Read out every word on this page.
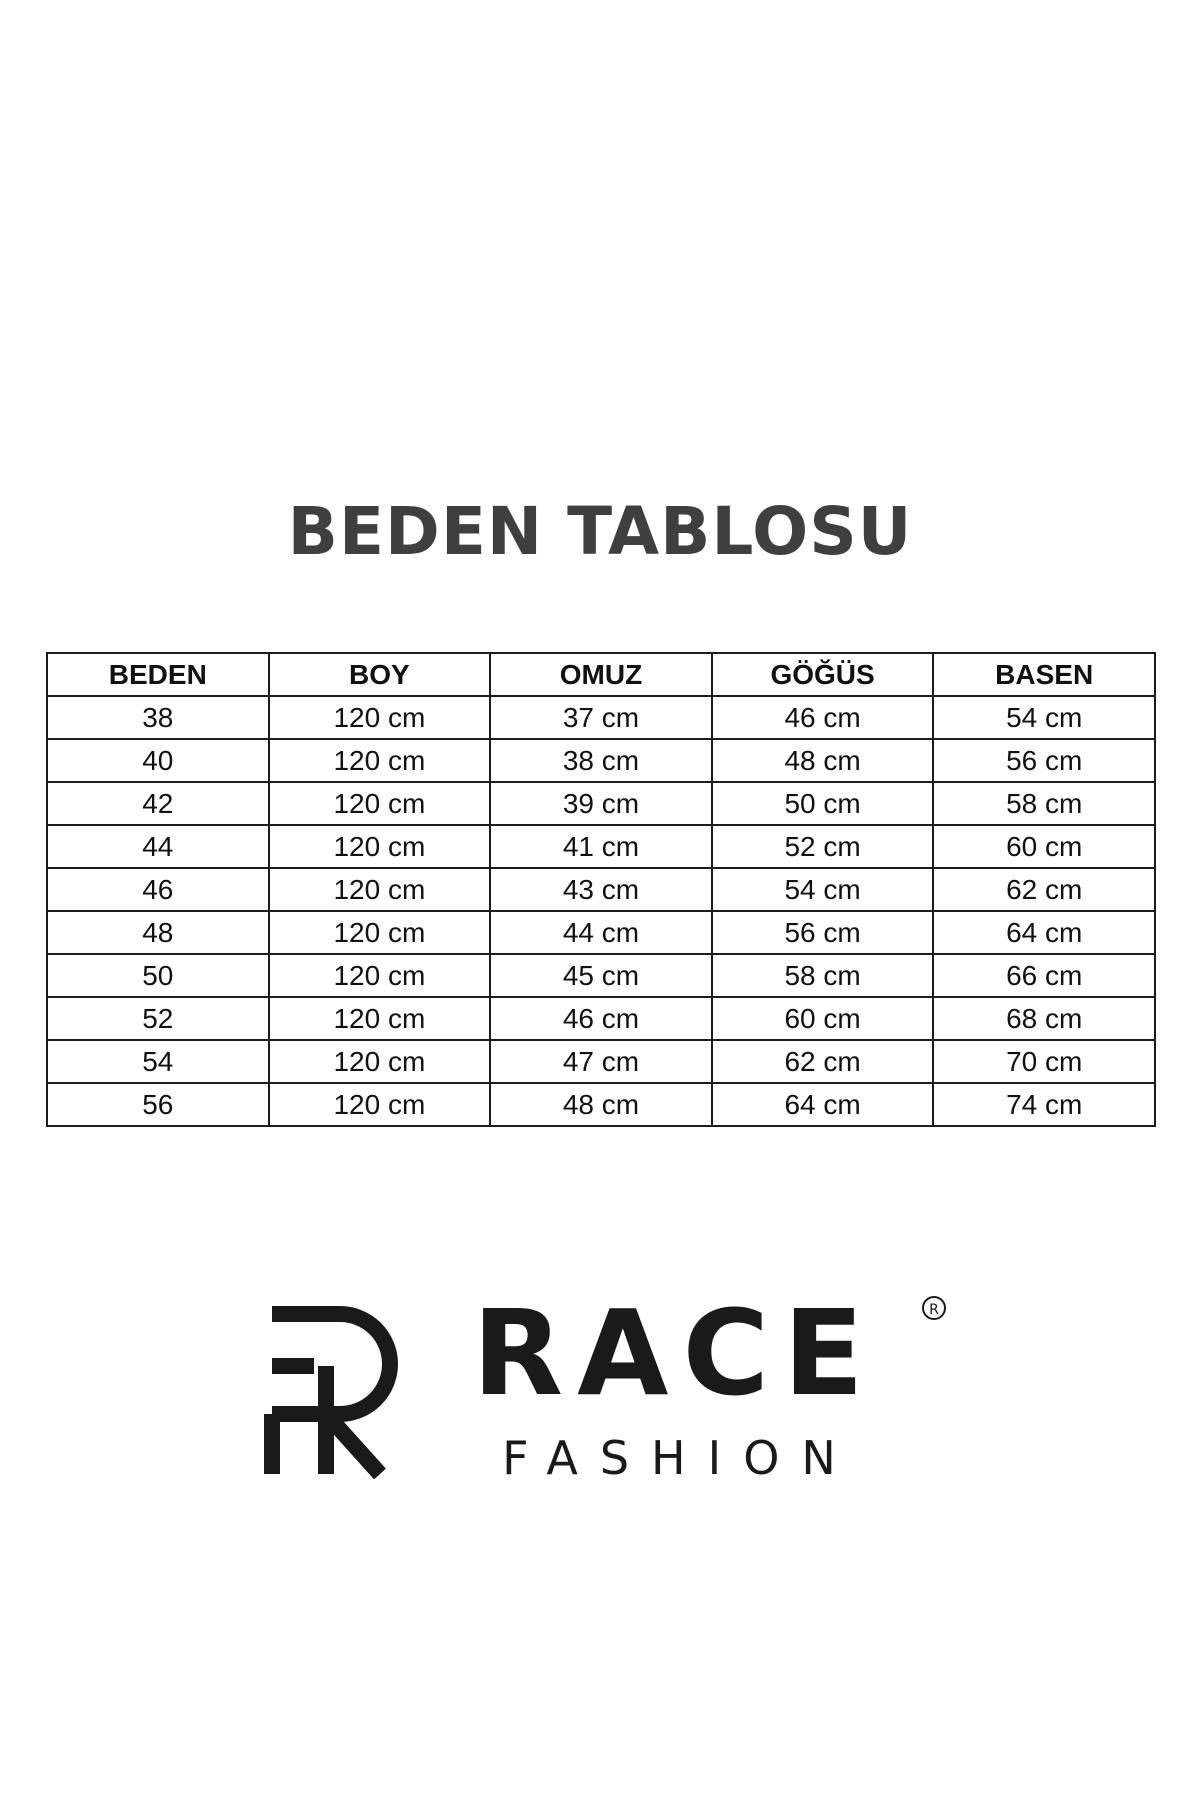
BEDEN TABLOSU
BEDEN	BOY	OMUZ	GÖĞÜS	BASEN
38	120 cm	37 cm	46 cm	54 cm
40	120 cm	38 cm	48 cm	56 cm
42	120 cm	39 cm	50 cm	58 cm
44	120 cm	41 cm	52 cm	60 cm
46	120 cm	43 cm	54 cm	62 cm
48	120 cm	44 cm	56 cm	64 cm
50	120 cm	45 cm	58 cm	66 cm
52	120 cm	46 cm	60 cm	68 cm
54	120 cm	47 cm	62 cm	70 cm
56	120 cm	48 cm	64 cm	74 cm
RACE
FASHION
R
